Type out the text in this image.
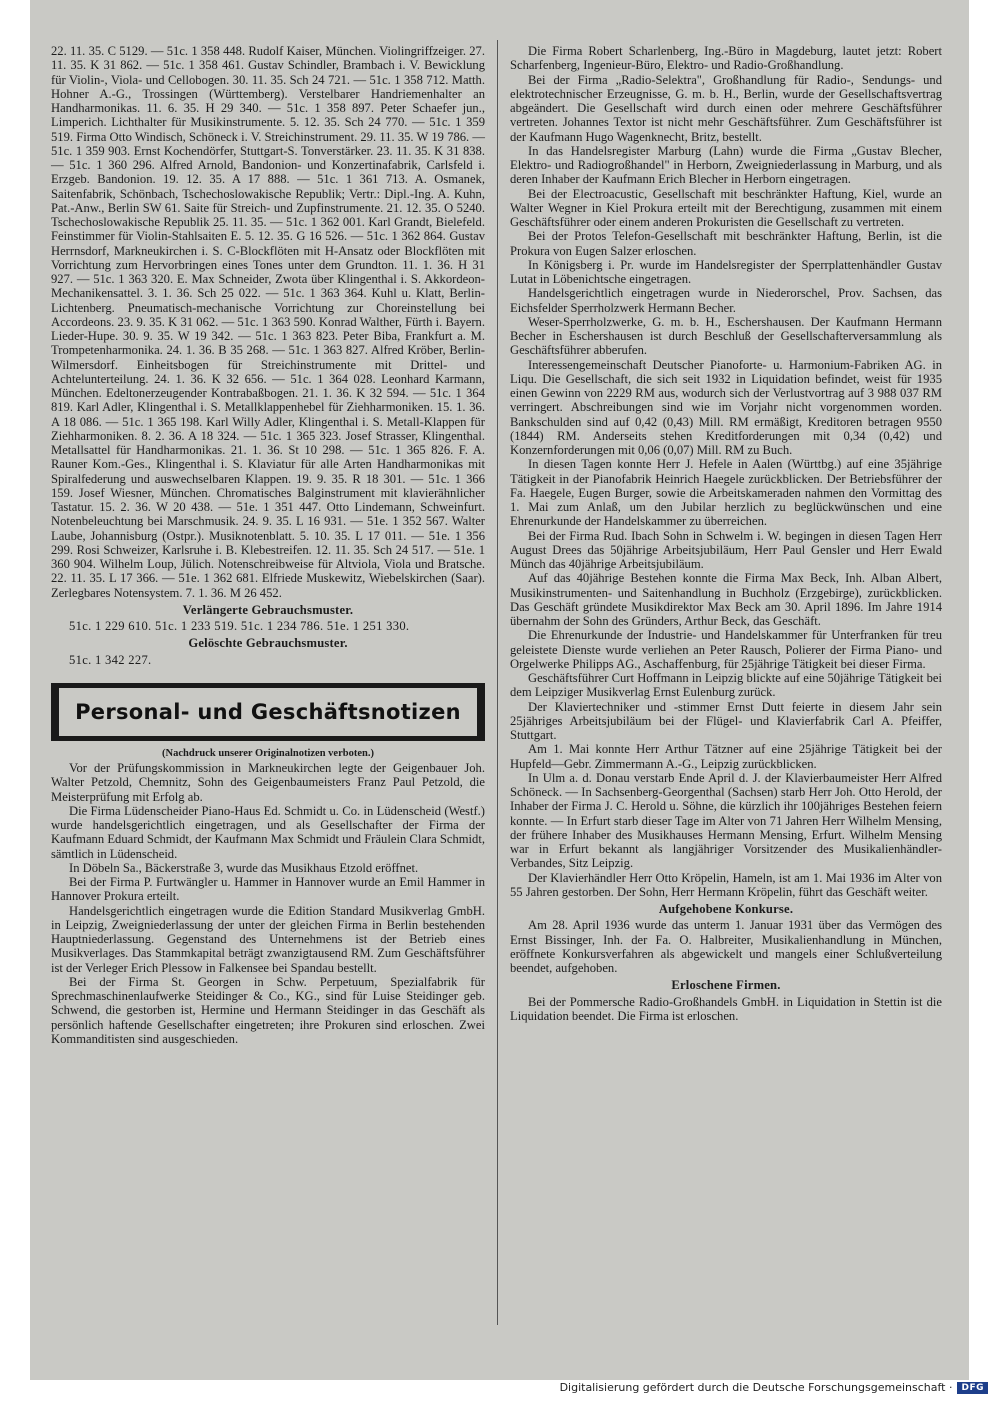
22. 11. 35. C 5129. — 51c. 1 358 448. Rudolf Kaiser, München. Violingriffzeiger. 27. 11. 35. K 31 862. — 51c. 1 358 461. Gustav Schindler, Brambach i. V. Bewicklung für Violin-, Viola- und Cellobogen. 30. 11. 35. Sch 24 721. — 51c. 1 358 712. Matth. Hohner A.-G., Trossingen (Württemberg). Verstelbarer Handriemenhalter an Handharmonikas. 11. 6. 35. H 29 340. — 51c. 1 358 897. Peter Schaefer jun., Limperich. Lichthalter für Musikinstrumente. 5. 12. 35. Sch 24 770. — 51c. 1 359 519. Firma Otto Windisch, Schöneck i. V. Streichinstrument. 29. 11. 35. W 19 786. — 51c. 1 359 903. Ernst Kochendörfer, Stuttgart-S. Tonverstärker. 23. 11. 35. K 31 838. — 51c. 1 360 296. Alfred Arnold, Bandonion- und Konzertinafabrik, Carlsfeld i. Erzgeb. Bandonion. 19. 12. 35. A 17 888. — 51c. 1 361 713. A. Osmanek, Saitenfabrik, Schönbach, Tschechoslowakische Republik; Vertr.: Dipl.-Ing. A. Kuhn, Pat.-Anw., Berlin SW 61. Saite für Streich- und Zupfinstrumente. 21. 12. 35. O 5240. Tschechoslowakische Republik 25. 11. 35. — 51c. 1 362 001. Karl Grandt, Bielefeld. Feinstimmer für Violin-Stahlsaiten E. 5. 12. 35. G 16 526. — 51c. 1 362 864. Gustav Herrnsdorf, Markneukirchen i. S. C-Blockflöten mit H-Ansatz oder Blockflöten mit Vorrichtung zum Hervorbringen eines Tones unter dem Grundton. 11. 1. 36. H 31 927. — 51c. 1 363 320. E. Max Schneider, Zwota über Klingenthal i. S. Akkordeon-Mechanikensattel. 3. 1. 36. Sch 25 022. — 51c. 1 363 364. Kuhl u. Klatt, Berlin-Lichtenberg. Pneumatisch-mechanische Vorrichtung zur Choreinstellung bei Accordeons. 23. 9. 35. K 31 062. — 51c. 1 363 590. Konrad Walther, Fürth i. Bayern. Lieder-Hupe. 30. 9. 35. W 19 342. — 51c. 1 363 823. Peter Biba, Frankfurt a. M. Trompetenharmonika. 24. 1. 36. B 35 268. — 51c. 1 363 827. Alfred Kröber, Berlin-Wilmersdorf. Einheitsbogen für Streichinstrumente mit Drittel- und Achtelunterteilung. 24. 1. 36. K 32 656. — 51c. 1 364 028. Leonhard Karmann, München. Edeltonerzeugender Kontrabaßbogen. 21. 1. 36. K 32 594. — 51c. 1 364 819. Karl Adler, Klingenthal i. S. Metallklappenhebel für Ziehharmoniken. 15. 1. 36. A 18 086. — 51c. 1 365 198. Karl Willy Adler, Klingenthal i. S. Metall-Klappen für Ziehharmoniken. 8. 2. 36. A 18 324. — 51c. 1 365 323. Josef Strasser, Klingenthal. Metallsattel für Handharmonikas. 21. 1. 36. St 10 298. — 51c. 1 365 826. F. A. Rauner Kom.-Ges., Klingenthal i. S. Klaviatur für alle Arten Handharmonikas mit Spiralfederung und auswechselbaren Klappen. 19. 9. 35. R 18 301. — 51c. 1 366 159. Josef Wiesner, München. Chromatisches Balginstrument mit klavierähnlicher Tastatur. 15. 2. 36. W 20 438. — 51e. 1 351 447. Otto Lindemann, Schweinfurt. Notenbeleuchtung bei Marschmusik. 24. 9. 35. L 16 931. — 51e. 1 352 567. Walter Laube, Johannisburg (Ostpr.). Musiknotenblatt. 5. 10. 35. L 17 011. — 51e. 1 356 299. Rosi Schweizer, Karlsruhe i. B. Klebestreifen. 12. 11. 35. Sch 24 517. — 51e. 1 360 904. Wilhelm Loup, Jülich. Notenschreibweise für Altviola, Viola und Bratsche. 22. 11. 35. L 17 366. — 51e. 1 362 681. Elfriede Muskewitz, Wiebelskirchen (Saar). Zerlegbares Notensystem. 7. 1. 36. M 26 452.

Verlängerte Gebrauchsmuster.

51c. 1 229 610. 51c. 1 233 519. 51c. 1 234 786. 51e. 1 251 330.

Gelöschte Gebrauchsmuster.

51c. 1 342 227.

Personal- und Geschäftsnotizen

(Nachdruck unserer Originalnotizen verboten.)

Vor der Prüfungskommission in Markneukirchen legte der Geigenbauer Joh. Walter Petzold, Chemnitz, Sohn des Geigenbaumeisters Franz Paul Petzold, die Meisterprüfung mit Erfolg ab.

Die Firma Lüdenscheider Piano-Haus Ed. Schmidt u. Co. in Lüdenscheid (Westf.) wurde handelsgerichtlich eingetragen, und als Gesellschafter der Firma der Kaufmann Eduard Schmidt, der Kaufmann Max Schmidt und Fräulein Clara Schmidt, sämtlich in Lüdenscheid.

In Döbeln Sa., Bäckerstraße 3, wurde das Musikhaus Etzold eröffnet.

Bei der Firma P. Furtwängler u. Hammer in Hannover wurde an Emil Hammer in Hannover Prokura erteilt.

Handelsgerichtlich eingetragen wurde die Edition Standard Musikverlag GmbH. in Leipzig, Zweigniederlassung der unter der gleichen Firma in Berlin bestehenden Hauptniederlassung. Gegenstand des Unternehmens ist der Betrieb eines Musikverlages. Das Stammkapital beträgt zwanzigtausend RM. Zum Geschäftsführer ist der Verleger Erich Plessow in Falkensee bei Spandau bestellt.

Bei der Firma St. Georgen in Schw. Perpetuum, Spezialfabrik für Sprechmaschinenlaufwerke Steidinger & Co., KG., sind für Luise Steidinger geb. Schwend, die gestorben ist, Hermine und Hermann Steidinger in das Geschäft als persönlich haftende Gesellschafter eingetreten; ihre Prokuren sind erloschen. Zwei Kommanditisten sind ausgeschieden.

Die Firma Robert Scharlenberg, Ing.-Büro in Magdeburg, lautet jetzt: Robert Scharfenberg, Ingenieur-Büro, Elektro- und Radio-Großhandlung.

Bei der Firma „Radio-Selektra", Großhandlung für Radio-, Sendungs- und elektrotechnischer Erzeugnisse, G. m. b. H., Berlin, wurde der Gesellschaftsvertrag abgeändert. Die Gesellschaft wird durch einen oder mehrere Geschäftsführer vertreten. Johannes Textor ist nicht mehr Geschäftsführer. Zum Geschäftsführer ist der Kaufmann Hugo Wagenknecht, Britz, bestellt.

In das Handelsregister Marburg (Lahn) wurde die Firma „Gustav Blecher, Elektro- und Radiogroßhandel" in Herborn, Zweigniederlassung in Marburg, und als deren Inhaber der Kaufmann Erich Blecher in Herborn eingetragen.

Bei der Electroacustic, Gesellschaft mit beschränkter Haftung, Kiel, wurde an Walter Wegner in Kiel Prokura erteilt mit der Berechtigung, zusammen mit einem Geschäftsführer oder einem anderen Prokuristen die Gesellschaft zu vertreten.

Bei der Protos Telefon-Gesellschaft mit beschränkter Haftung, Berlin, ist die Prokura von Eugen Salzer erloschen.

In Königsberg i. Pr. wurde im Handelsregister der Sperrplattenhändler Gustav Lutat in Löbenichtsche eingetragen.

Handelsgerichtlich eingetragen wurde in Niederorschel, Prov. Sachsen, das Eichsfelder Sperrholzwerk Hermann Becher.

Weser-Sperrholzwerke, G. m. b. H., Eschershausen. Der Kaufmann Hermann Becher in Eschershausen ist durch Beschluß der Gesellschafterversammlung als Geschäftsführer abberufen.

Interessengemeinschaft Deutscher Pianoforte- u. Harmonium-Fabriken AG. in Liqu. Die Gesellschaft, die sich seit 1932 in Liquidation befindet, weist für 1935 einen Gewinn von 2229 RM aus, wodurch sich der Verlustvortrag auf 3 988 037 RM verringert. Abschreibungen sind wie im Vorjahr nicht vorgenommen worden. Bankschulden sind auf 0,42 (0,43) Mill. RM ermäßigt, Kreditoren betragen 9550 (1844) RM. Anderseits stehen Kreditforderungen mit 0,34 (0,42) und Konzernforderungen mit 0,06 (0,07) Mill. RM zu Buch.

In diesen Tagen konnte Herr J. Hefele in Aalen (Württbg.) auf eine 35jährige Tätigkeit in der Pianofabrik Heinrich Haegele zurückblicken. Der Betriebsführer der Fa. Haegele, Eugen Burger, sowie die Arbeitskameraden nahmen den Vormittag des 1. Mai zum Anlaß, um den Jubilar herzlich zu beglückwünschen und eine Ehrenurkunde der Handelskammer zu überreichen.

Bei der Firma Rud. Ibach Sohn in Schwelm i. W. begingen in diesen Tagen Herr August Drees das 50jährige Arbeitsjubiläum, Herr Paul Gensler und Herr Ewald Münch das 40jährige Arbeitsjubiläum.

Auf das 40jährige Bestehen konnte die Firma Max Beck, Inh. Alban Albert, Musikinstrumenten- und Saitenhandlung in Buchholz (Erzgebirge), zurückblicken. Das Geschäft gründete Musikdirektor Max Beck am 30. April 1896. Im Jahre 1914 übernahm der Sohn des Gründers, Arthur Beck, das Geschäft.

Die Ehrenurkunde der Industrie- und Handelskammer für Unterfranken für treu geleistete Dienste wurde verliehen an Peter Rausch, Polierer der Firma Piano- und Orgelwerke Philipps AG., Aschaffenburg, für 25jährige Tätigkeit bei dieser Firma.

Geschäftsführer Curt Hoffmann in Leipzig blickte auf eine 50jährige Tätigkeit bei dem Leipziger Musikverlag Ernst Eulenburg zurück.

Der Klaviertechniker und -stimmer Ernst Dutt feierte in diesem Jahr sein 25jähriges Arbeitsjubiläum bei der Flügel- und Klavierfabrik Carl A. Pfeiffer, Stuttgart.

Am 1. Mai konnte Herr Arthur Tätzner auf eine 25jährige Tätigkeit bei der Hupfeld—Gebr. Zimmermann A.-G., Leipzig zurückblicken.

In Ulm a. d. Donau verstarb Ende April d. J. der Klavierbaumeister Herr Alfred Schöneck. — In Sachsenberg-Georgenthal (Sachsen) starb Herr Joh. Otto Herold, der Inhaber der Firma J. C. Herold u. Söhne, die kürzlich ihr 100jähriges Bestehen feiern konnte. — In Erfurt starb dieser Tage im Alter von 71 Jahren Herr Wilhelm Mensing, der frühere Inhaber des Musikhauses Hermann Mensing, Erfurt. Wilhelm Mensing war in Erfurt bekannt als langjähriger Vorsitzender des Musikalienhändler-Verbandes, Sitz Leipzig.

Der Klavierhändler Herr Otto Kröpelin, Hameln, ist am 1. Mai 1936 im Alter von 55 Jahren gestorben. Der Sohn, Herr Hermann Kröpelin, führt das Geschäft weiter.

Aufgehobene Konkurse.

Am 28. April 1936 wurde das unterm 1. Januar 1931 über das Vermögen des Ernst Bissinger, Inh. der Fa. O. Halbreiter, Musikalienhandlung in München, eröffnete Konkursverfahren als abgewickelt und mangels einer Schlußverteilung beendet, aufgehoben.

Erloschene Firmen.

Bei der Pommersche Radio-Großhandels GmbH. in Liquidation in Stettin ist die Liquidation beendet. Die Firma ist erloschen.

Digitalisierung gefördert durch die Deutsche Forschungsgemeinschaft ·	DFG
